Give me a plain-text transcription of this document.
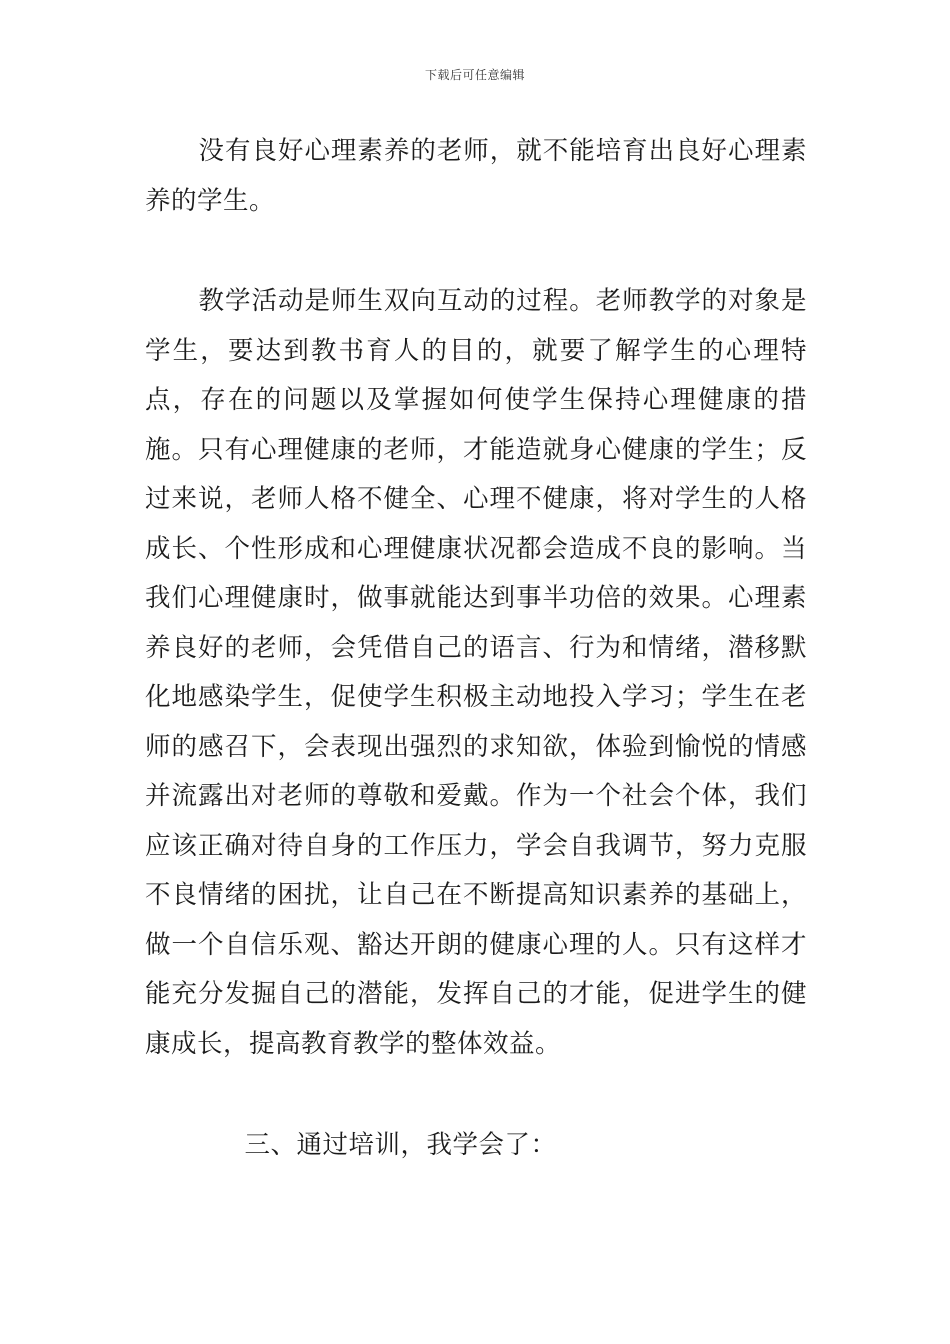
下载后可任意编辑

没有良好心理素养的老师，就不能培育出良好心理素养的学生。

教学活动是师生双向互动的过程。老师教学的对象是学生，要达到教书育人的目的，就要了解学生的心理特点，存在的问题以及掌握如何使学生保持心理健康的措施。只有心理健康的老师，才能造就身心健康的学生；反过来说，老师人格不健全、心理不健康，将对学生的人格成长、个性形成和心理健康状况都会造成不良的影响。当我们心理健康时，做事就能达到事半功倍的效果。心理素养良好的老师，会凭借自己的语言、行为和情绪，潜移默化地感染学生，促使学生积极主动地投入学习；学生在老师的感召下，会表现出强烈的求知欲，体验到愉悦的情感并流露出对老师的尊敬和爱戴。作为一个社会个体，我们应该正确对待自身的工作压力，学会自我调节，努力克服不良情绪的困扰，让自己在不断提高知识素养的基础上，做一个自信乐观、豁达开朗的健康心理的人。只有这样才能充分发掘自己的潜能，发挥自己的才能，促进学生的健康成长，提高教育教学的整体效益。

三、通过培训，我学会了：
